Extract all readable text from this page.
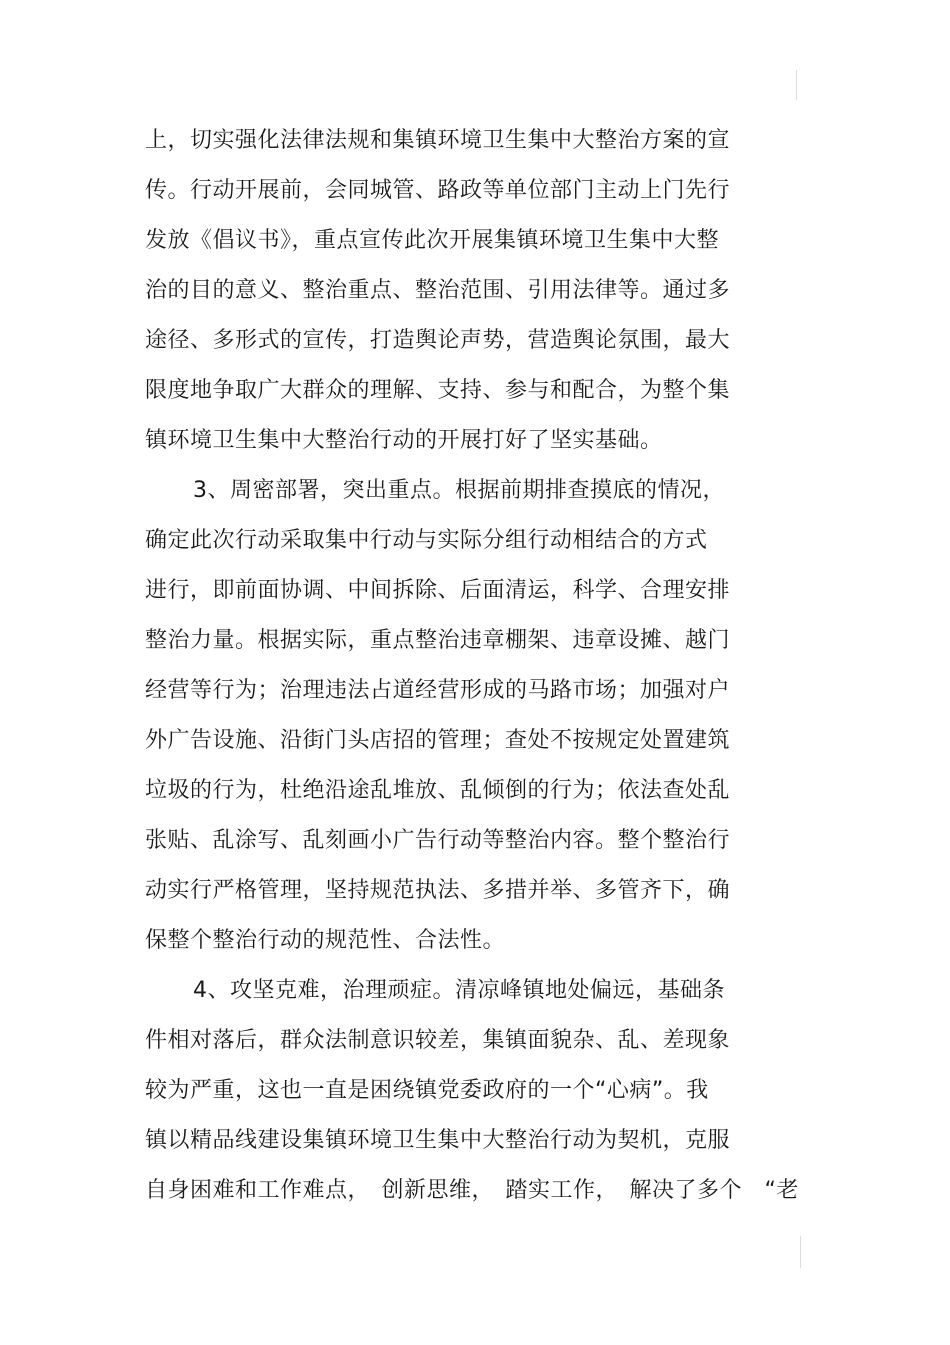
上，切实强化法律法规和集镇环境卫生集中大整治方案的宣
传。行动开展前，会同城管、路政等单位部门主动上门先行
发放《倡议书》，重点宣传此次开展集镇环境卫生集中大整
治的目的意义、整治重点、整治范围、引用法律等。通过多
途径、多形式的宣传，打造舆论声势，营造舆论氛围，最大
限度地争取广大群众的理解、支持、参与和配合，为整个集
镇环境卫生集中大整治行动的开展打好了坚实基础。
3、周密部署，突出重点。根据前期排查摸底的情况，
确定此次行动采取集中行动与实际分组行动相结合的方式
进行，即前面协调、中间拆除、后面清运，科学、合理安排
整治力量。根据实际，重点整治违章棚架、违章设摊、越门
经营等行为；治理违法占道经营形成的马路市场；加强对户
外广告设施、沿街门头店招的管理；查处不按规定处置建筑
垃圾的行为，杜绝沿途乱堆放、乱倾倒的行为；依法查处乱
张贴、乱涂写、乱刻画小广告行动等整治内容。整个整治行
动实行严格管理，坚持规范执法、多措并举、多管齐下，确
保整个整治行动的规范性、合法性。
4、攻坚克难，治理顽症。清凉峰镇地处偏远，基础条
件相对落后，群众法制意识较差，集镇面貌杂、乱、差现象
较为严重，这也一直是困绕镇党委政府的一个“心病”。我
镇以精品线建设集镇环境卫生集中大整治行动为契机，克服
自身困难和工作难点，　创新思维，　踏实工作，　解决了多个　“老
